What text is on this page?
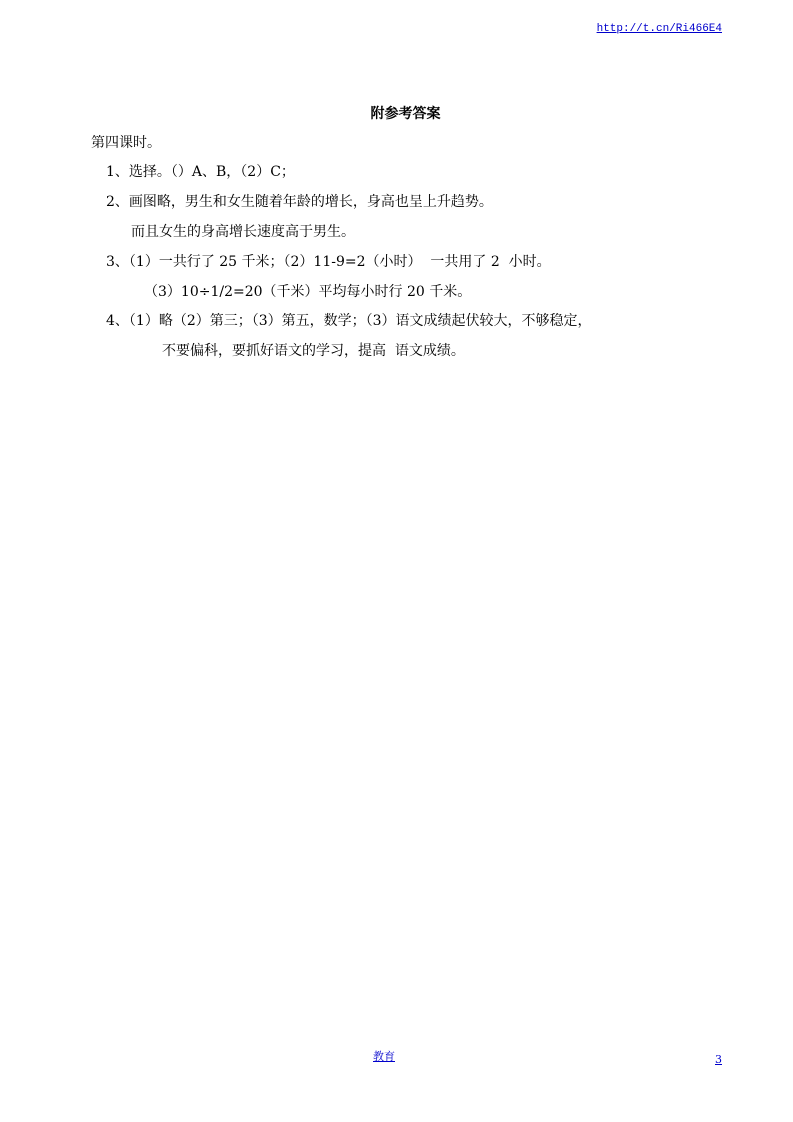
http://t.cn/Ri466E4
附参考答案
第四课时。
1、选择。（）A、B，（2）C；
2、画图略，男生和女生随着年龄的增长，身高也呈上升趋势。
而且女生的身高增长速度高于男生。
3、（1）一共行了 25 千米；（2）11-9=2（小时）  一共用了 2  小时。
（3）10÷1/2=20（千米）平均每小时行 20 千米。
4、（1）略（2）第三；（3）第五，数学；（3）语文成绩起伏较大，不够稳定，
不要偏科，要抓好语文的学习，提高  语文成绩。
教育	3
